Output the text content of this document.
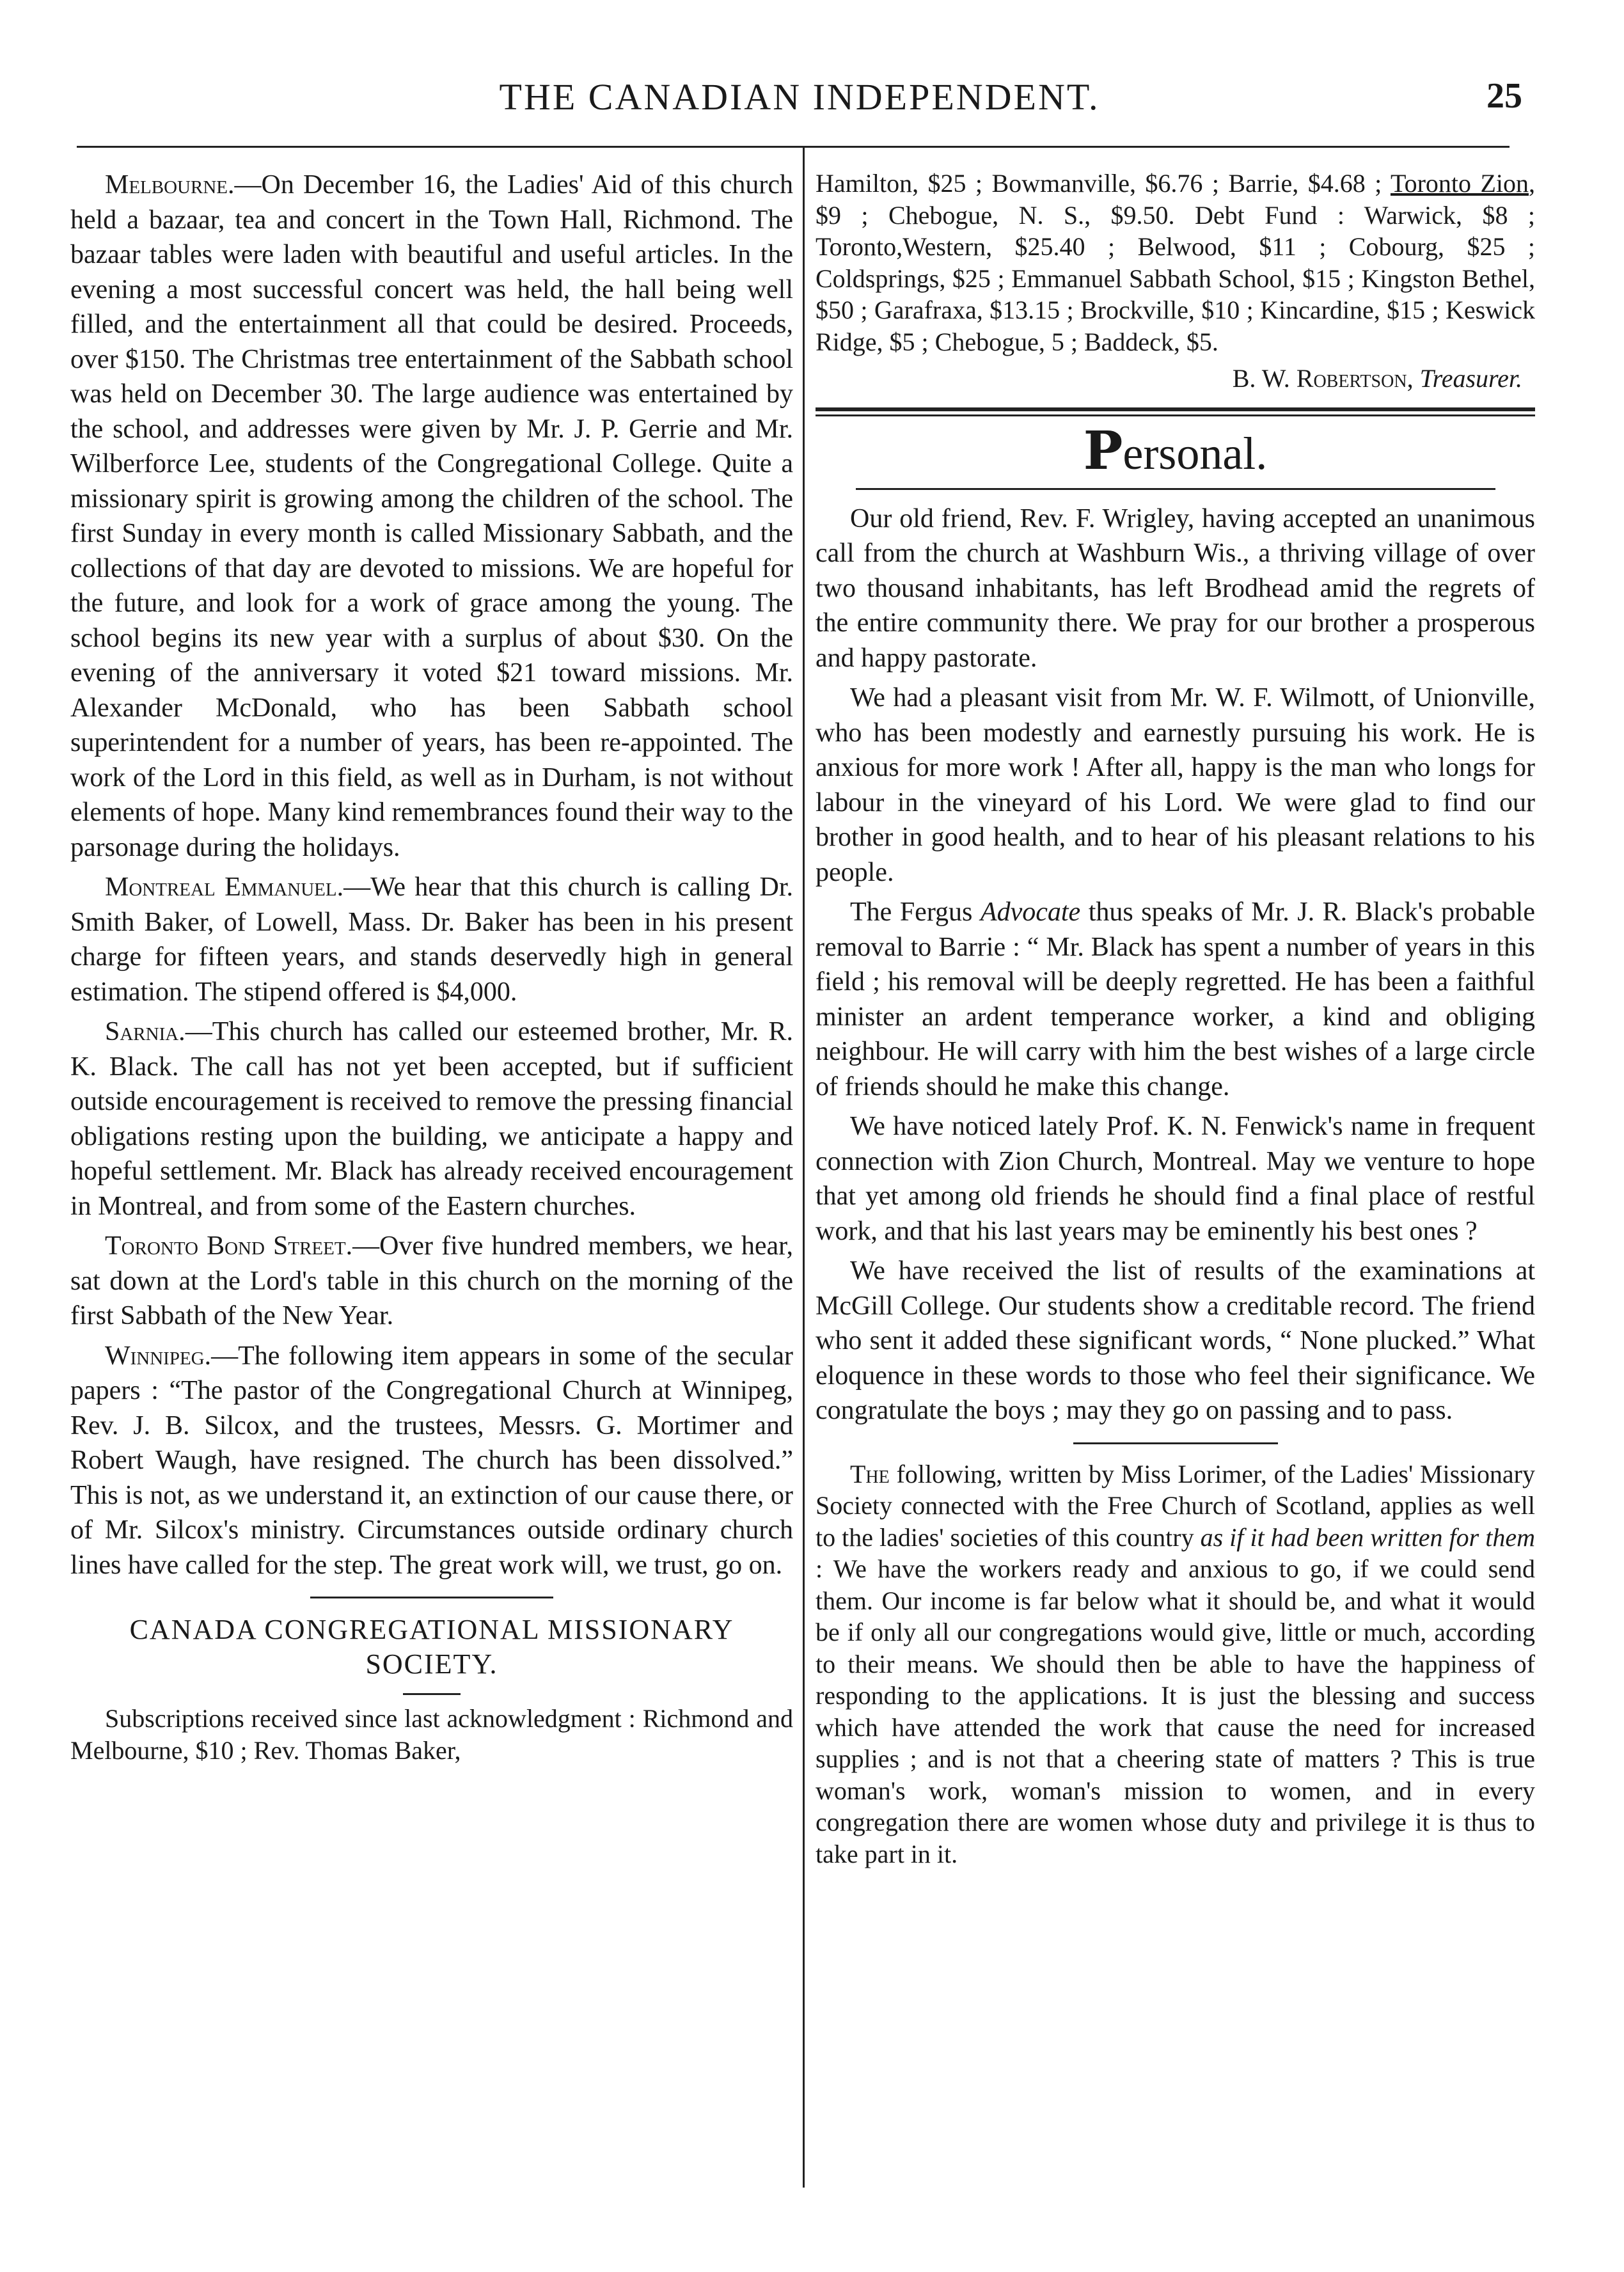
THE CANADIAN INDEPENDENT.	25

Melbourne.—On December 16, the Ladies' Aid of this church held a bazaar, tea and concert in the Town Hall, Richmond. The bazaar tables were laden with beautiful and useful articles. In the evening a most successful concert was held, the hall being well filled, and the entertainment all that could be desired. Proceeds, over $150. The Christmas tree entertainment of the Sabbath school was held on December 30. The large audience was entertained by the school, and addresses were given by Mr. J. P. Gerrie and Mr. Wilberforce Lee, students of the Congregational College. Quite a missionary spirit is growing among the children of the school. The first Sunday in every month is called Missionary Sabbath, and the collections of that day are devoted to missions. We are hopeful for the future, and look for a work of grace among the young. The school begins its new year with a surplus of about $30. On the evening of the anniversary it voted $21 toward missions. Mr. Alexander McDonald, who has been Sabbath school superintendent for a number of years, has been re-appointed. The work of the Lord in this field, as well as in Durham, is not without elements of hope. Many kind remembrances found their way to the parsonage during the holidays.

Montreal Emmanuel.—We hear that this church is calling Dr. Smith Baker, of Lowell, Mass. Dr. Baker has been in his present charge for fifteen years, and stands deservedly high in general estimation. The stipend offered is $4,000.

Sarnia.—This church has called our esteemed brother, Mr. R. K. Black. The call has not yet been accepted, but if sufficient outside encouragement is received to remove the pressing financial obligations resting upon the building, we anticipate a happy and hopeful settlement. Mr. Black has already received encouragement in Montreal, and from some of the Eastern churches.

Toronto Bond Street.—Over five hundred members, we hear, sat down at the Lord's table in this church on the morning of the first Sabbath of the New Year.

Winnipeg.—The following item appears in some of the secular papers : “The pastor of the Congregational Church at Winnipeg, Rev. J. B. Silcox, and the trustees, Messrs. G. Mortimer and Robert Waugh, have resigned. The church has been dissolved.” This is not, as we understand it, an extinction of our cause there, or of Mr. Silcox's ministry. Circumstances outside ordinary church lines have called for the step. The great work will, we trust, go on.

CANADA CONGREGATIONAL MISSIONARY SOCIETY.

Subscriptions received since last acknowledgment : Richmond and Melbourne, $10 ; Rev. Thomas Baker,

Hamilton, $25 ; Bowmanville, $6.76 ; Barrie, $4.68 ; Toronto Zion, $9 ; Chebogue, N. S., $9.50. Debt Fund : Warwick, $8 ; Toronto,Western, $25.40 ; Belwood, $11 ; Cobourg, $25 ; Coldsprings, $25 ; Emmanuel Sabbath School, $15 ; Kingston Bethel, $50 ; Garafraxa, $13.15 ; Brockville, $10 ; Kincardine, $15 ; Keswick Ridge, $5 ; Chebogue, 5 ; Baddeck, $5.

B. W. Robertson, Treasurer.
Personal.

Our old friend, Rev. F. Wrigley, having accepted an unanimous call from the church at Washburn Wis., a thriving village of over two thousand inhabitants, has left Brodhead amid the regrets of the entire community there. We pray for our brother a prosperous and happy pastorate.

We had a pleasant visit from Mr. W. F. Wilmott, of Unionville, who has been modestly and earnestly pursuing his work. He is anxious for more work ! After all, happy is the man who longs for labour in the vineyard of his Lord. We were glad to find our brother in good health, and to hear of his pleasant relations to his people.

The Fergus Advocate thus speaks of Mr. J. R. Black's probable removal to Barrie : “ Mr. Black has spent a number of years in this field ; his removal will be deeply regretted. He has been a faithful minister an ardent temperance worker, a kind and obliging neighbour. He will carry with him the best wishes of a large circle of friends should he make this change.

We have noticed lately Prof. K. N. Fenwick's name in frequent connection with Zion Church, Montreal. May we venture to hope that yet among old friends he should find a final place of restful work, and that his last years may be eminently his best ones ?

We have received the list of results of the examinations at McGill College. Our students show a creditable record. The friend who sent it added these significant words, “ None plucked.” What eloquence in these words to those who feel their significance. We congratulate the boys ; may they go on passing and to pass.

The following, written by Miss Lorimer, of the Ladies' Missionary Society connected with the Free Church of Scotland, applies as well to the ladies' societies of this country as if it had been written for them : We have the workers ready and anxious to go, if we could send them. Our income is far below what it should be, and what it would be if only all our congregations would give, little or much, according to their means. We should then be able to have the happiness of responding to the applications. It is just the blessing and success which have attended the work that cause the need for increased supplies ; and is not that a cheering state of matters ? This is true woman's work, woman's mission to women, and in every congregation there are women whose duty and privilege it is thus to take part in it.
